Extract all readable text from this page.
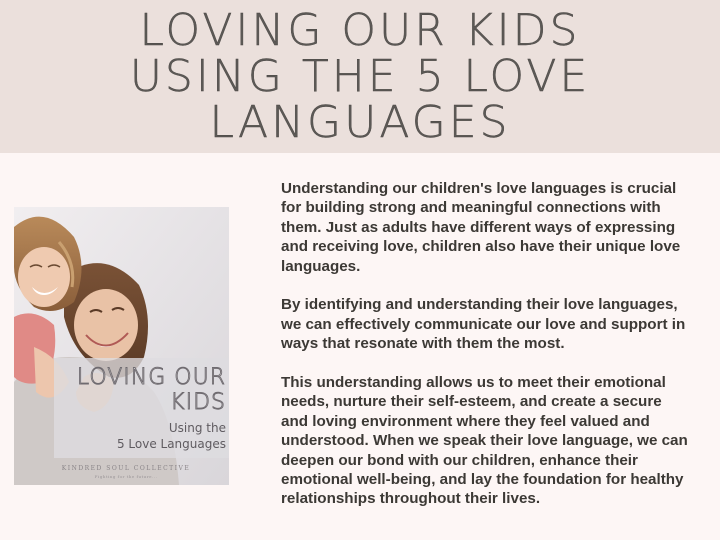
LOVING OUR KIDS
USING THE 5 LOVE
LANGUAGES
LOVING OUR
KIDS
Using the
5 Love Languages
KINDRED SOUL COLLECTIVE
Fighting for the future...

Understanding our children's love languages is crucial for building strong and meaningful connections with them. Just as adults have different ways of expressing and receiving love, children also have their unique love languages.

By identifying and understanding their love languages, we can effectively communicate our love and support in ways that resonate with them the most.

This understanding allows us to meet their emotional needs, nurture their self-esteem, and create a secure and loving environment where they feel valued and understood. When we speak their love language, we can deepen our bond with our children, enhance their emotional well-being, and lay the foundation for healthy relationships throughout their lives.
